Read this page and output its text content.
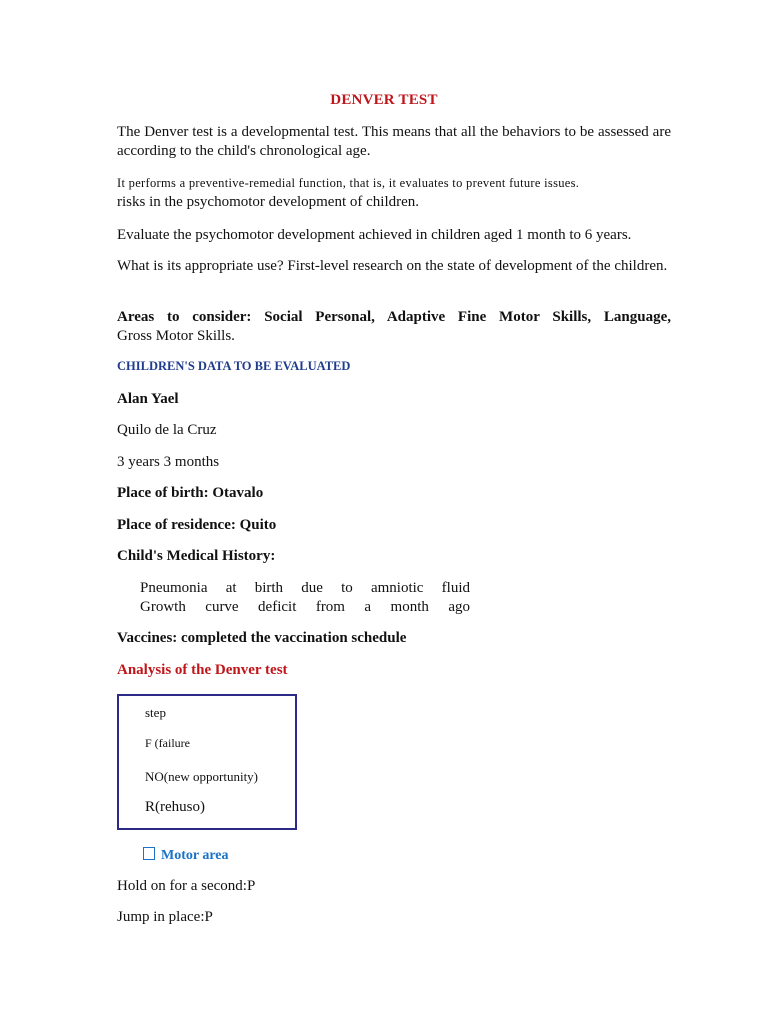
DENVER TEST
The Denver test is a developmental test. This means that all the behaviors to be assessed are according to the child's chronological age.
It performs a preventive-remedial function, that is, it evaluates to prevent future issues.
risks in the psychomotor development of children.
Evaluate the psychomotor development achieved in children aged 1 month to 6 years.
What is its appropriate use? First-level research on the state of development of the children.
Areas to consider: Social Personal, Adaptive Fine Motor Skills, Language,
Gross Motor Skills.
CHILDREN'S DATA TO BE EVALUATED
Alan Yael
Quilo de la Cruz
3 years 3 months
Place of birth: Otavalo
Place of residence: Quito
Child's Medical History:
Pneumonia at birth due to amniotic fluid
Growth curve deficit from a month ago
Vaccines: completed the vaccination schedule
Analysis of the Denver test
step
F (failure
NO(new opportunity)
R(rehuso)
Motor area
Hold on for a second:P
Jump in place:P
